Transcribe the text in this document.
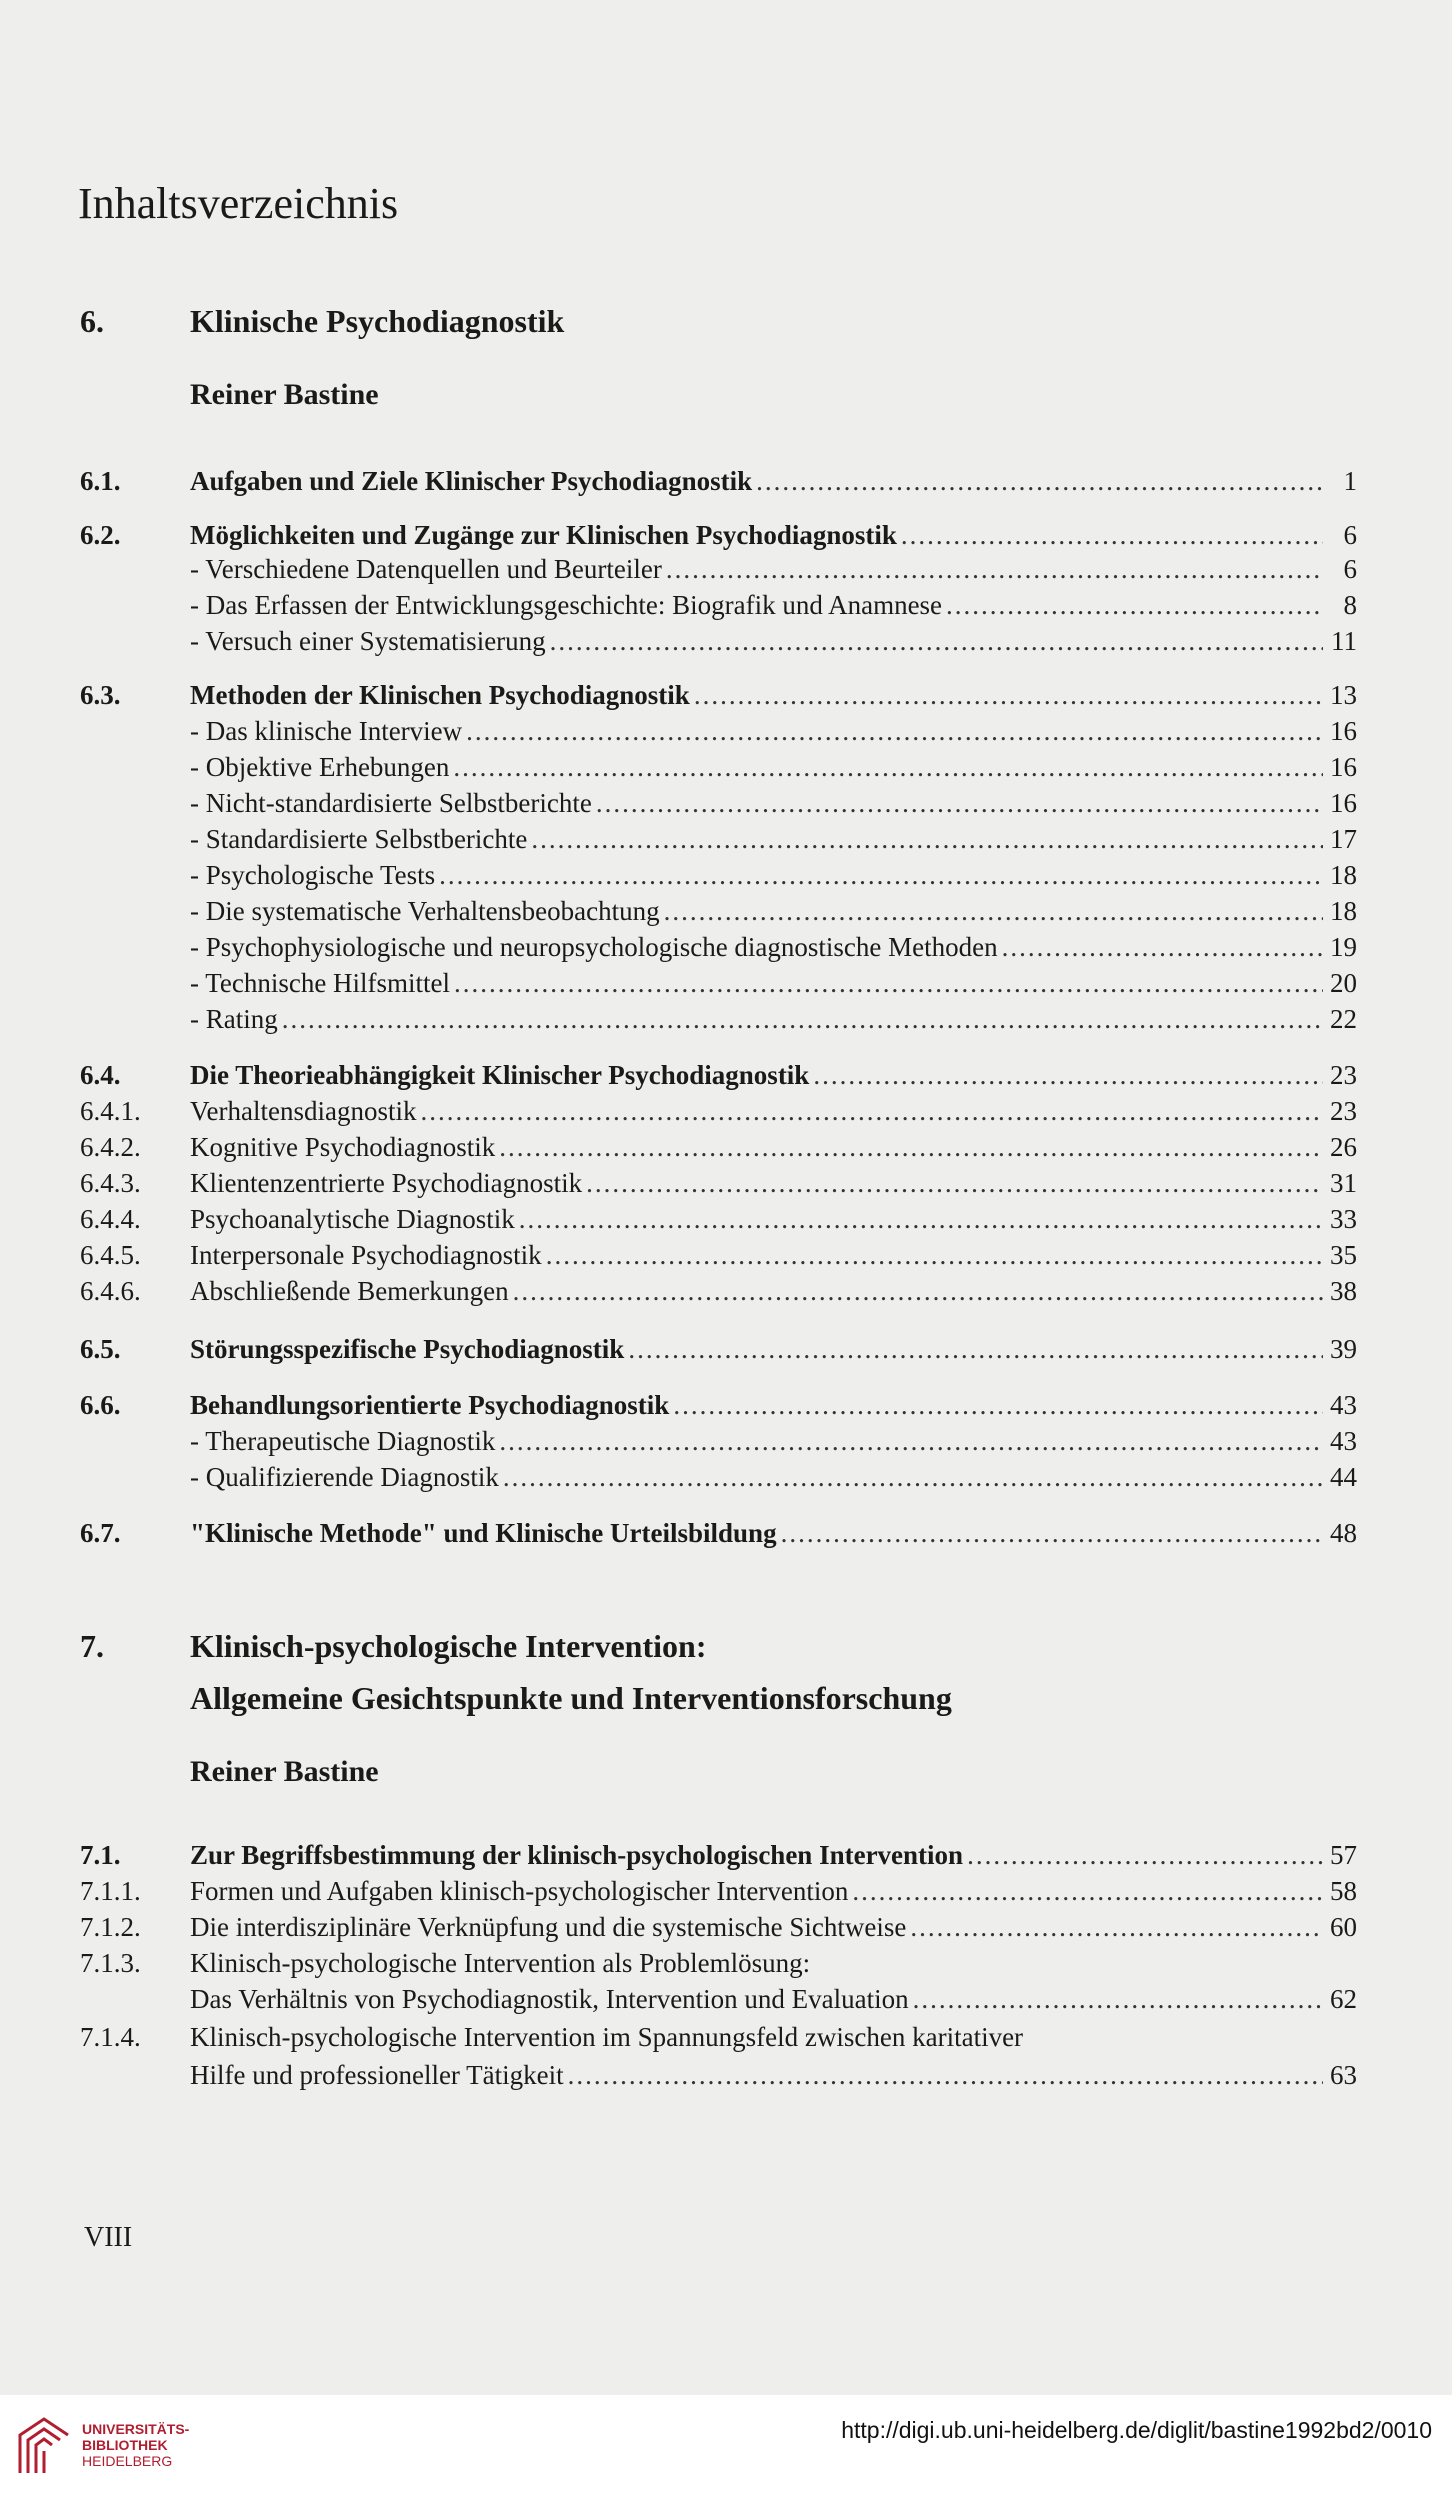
Inhaltsverzeichnis
6.	Klinische Psychodiagnostik
Reiner Bastine
6.1.	Aufgaben und Ziele Klinischer Psychodiagnostik .....	1
6.2.	Möglichkeiten und Zugänge zur Klinischen Psychodiagnostik .....	6
- Verschiedene Datenquellen und Beurteiler .....	6
- Das Erfassen der Entwicklungsgeschichte: Biografik und Anamnese .....	8
- Versuch einer Systematisierung .....	11
6.3.	Methoden der Klinischen Psychodiagnostik .....	13
- Das klinische Interview .....	16
- Objektive Erhebungen .....	16
- Nicht-standardisierte Selbstberichte .....	16
- Standardisierte Selbstberichte .....	17
- Psychologische Tests .....	18
- Die systematische Verhaltensbeobachtung .....	18
- Psychophysiologische und neuropsychologische diagnostische Methoden .....	19
- Technische Hilfsmittel .....	20
- Rating .....	22
6.4.	Die Theorieabhängigkeit Klinischer Psychodiagnostik .....	23
6.4.1. Verhaltensdiagnostik .....	23
6.4.2. Kognitive Psychodiagnostik .....	26
6.4.3. Klientenzentrierte Psychodiagnostik .....	31
6.4.4. Psychoanalytische Diagnostik .....	33
6.4.5. Interpersonale Psychodiagnostik .....	35
6.4.6. Abschließende Bemerkungen .....	38
6.5.	Störungsspezifische Psychodiagnostik .....	39
6.6.	Behandlungsorientierte Psychodiagnostik .....	43
- Therapeutische Diagnostik .....	43
- Qualifizierende Diagnostik .....	44
6.7.	"Klinische Methode" und Klinische Urteilsbildung .....	48
7.	Klinisch-psychologische Intervention:
Allgemeine Gesichtspunkte und Interventionsforschung
Reiner Bastine
7.1.	Zur Begriffsbestimmung der klinisch-psychologischen Intervention .....	57
7.1.1. Formen und Aufgaben klinisch-psychologischer Intervention .....	58
7.1.2. Die interdisziplinäre Verknüpfung und die systemische Sichtweise .....	60
7.1.3. Klinisch-psychologische Intervention als Problemlösung:
Das Verhältnis von Psychodiagnostik, Intervention und Evaluation .....	62
7.1.4. Klinisch-psychologische Intervention im Spannungsfeld zwischen karitativer
Hilfe und professioneller Tätigkeit .....	63
VIII
UNIVERSITÄTS-
BIBLIOTHEK
HEIDELBERG
http://digi.ub.uni-heidelberg.de/diglit/bastine1992bd2/0010
